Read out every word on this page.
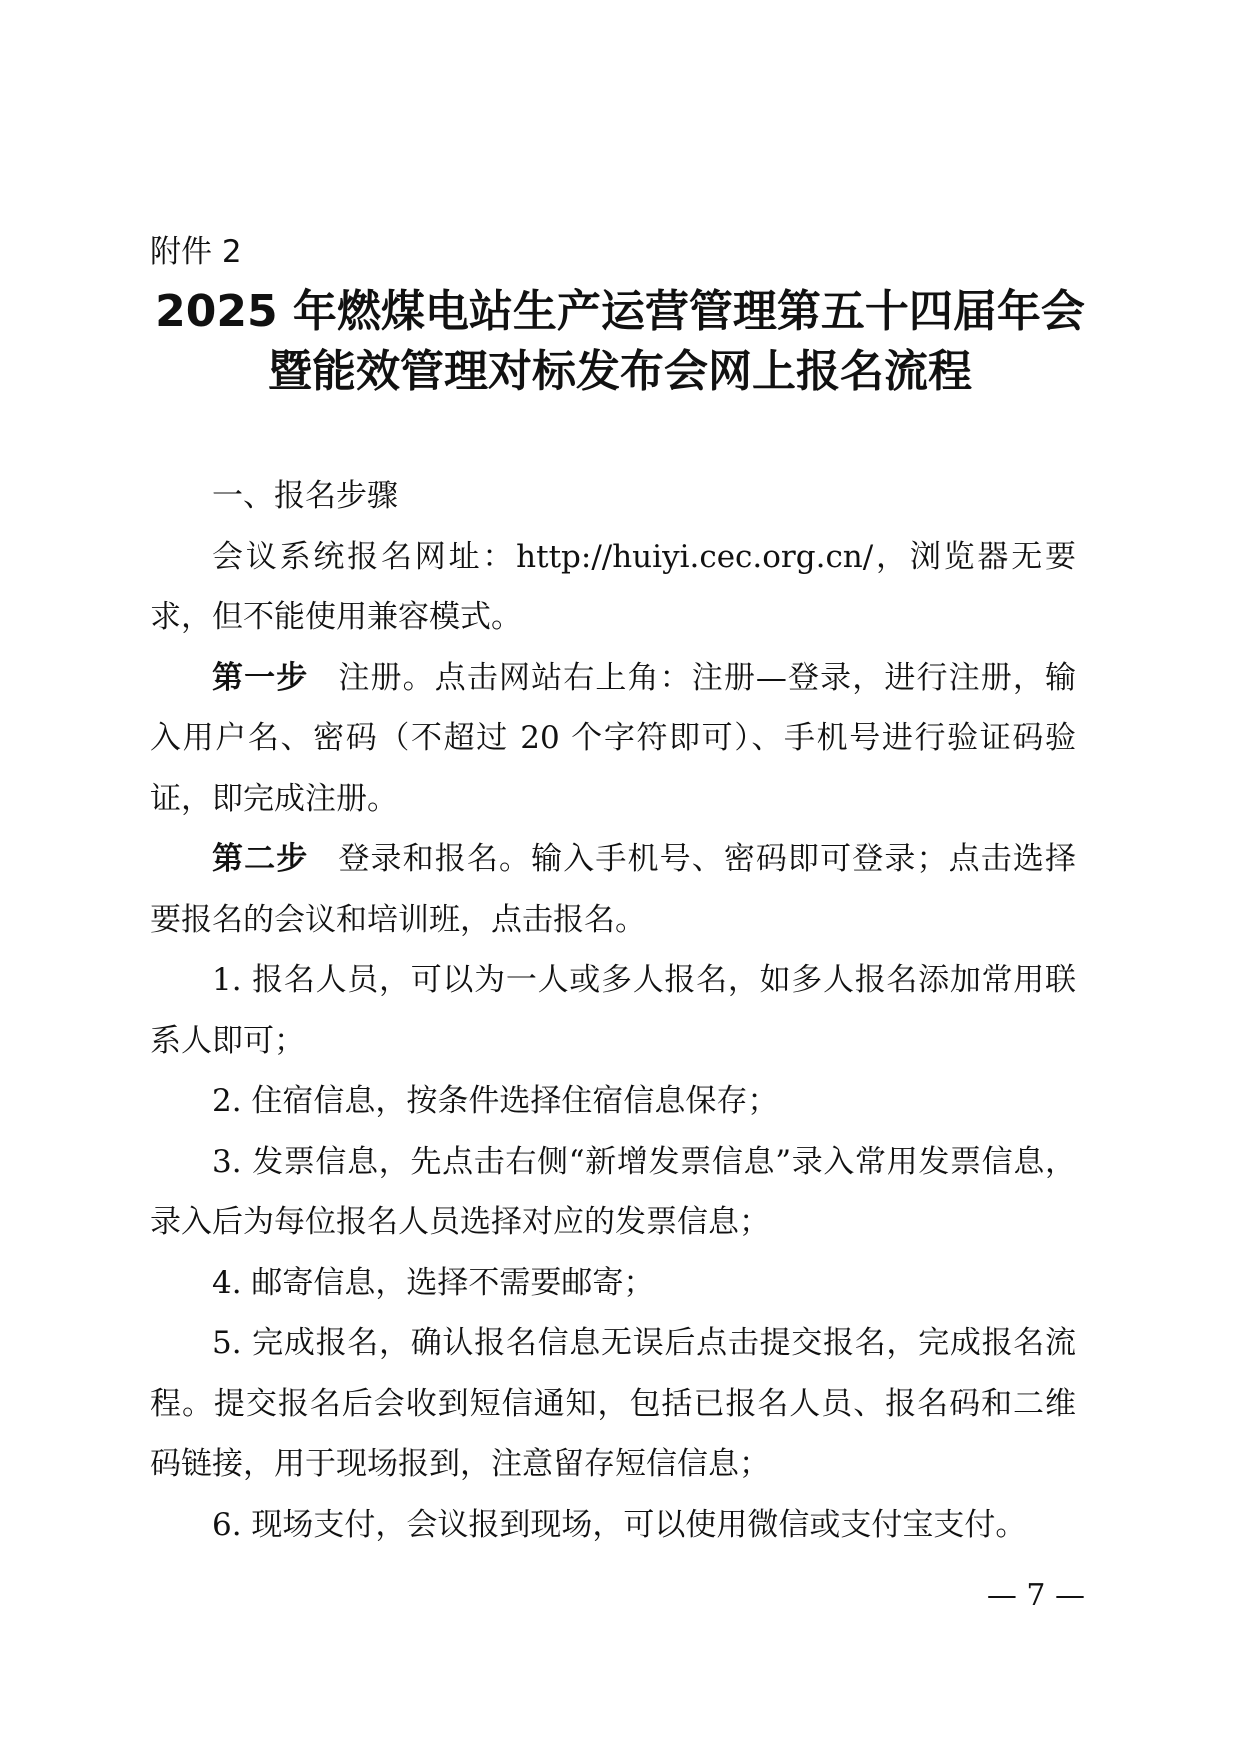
附件 2
2025 年燃煤电站生产运营管理第五十四届年会
暨能效管理对标发布会网上报名流程

一、报名步骤

会议系统报名网址：http://huiyi.cec.org.cn/，浏览器无要求，但不能使用兼容模式。

第一步 注册。点击网站右上角：注册—登录，进行注册，输入用户名、密码（不超过 20 个字符即可）、手机号进行验证码验证，即完成注册。

第二步 登录和报名。输入手机号、密码即可登录；点击选择要报名的会议和培训班，点击报名。

1. 报名人员，可以为一人或多人报名，如多人报名添加常用联系人即可；

2. 住宿信息，按条件选择住宿信息保存；

3. 发票信息，先点击右侧“新增发票信息”录入常用发票信息，录入后为每位报名人员选择对应的发票信息；

4. 邮寄信息，选择不需要邮寄；

5. 完成报名，确认报名信息无误后点击提交报名，完成报名流程。提交报名后会收到短信通知，包括已报名人员、报名码和二维码链接，用于现场报到，注意留存短信信息；

6. 现场支付，会议报到现场，可以使用微信或支付宝支付。

— 7 —
